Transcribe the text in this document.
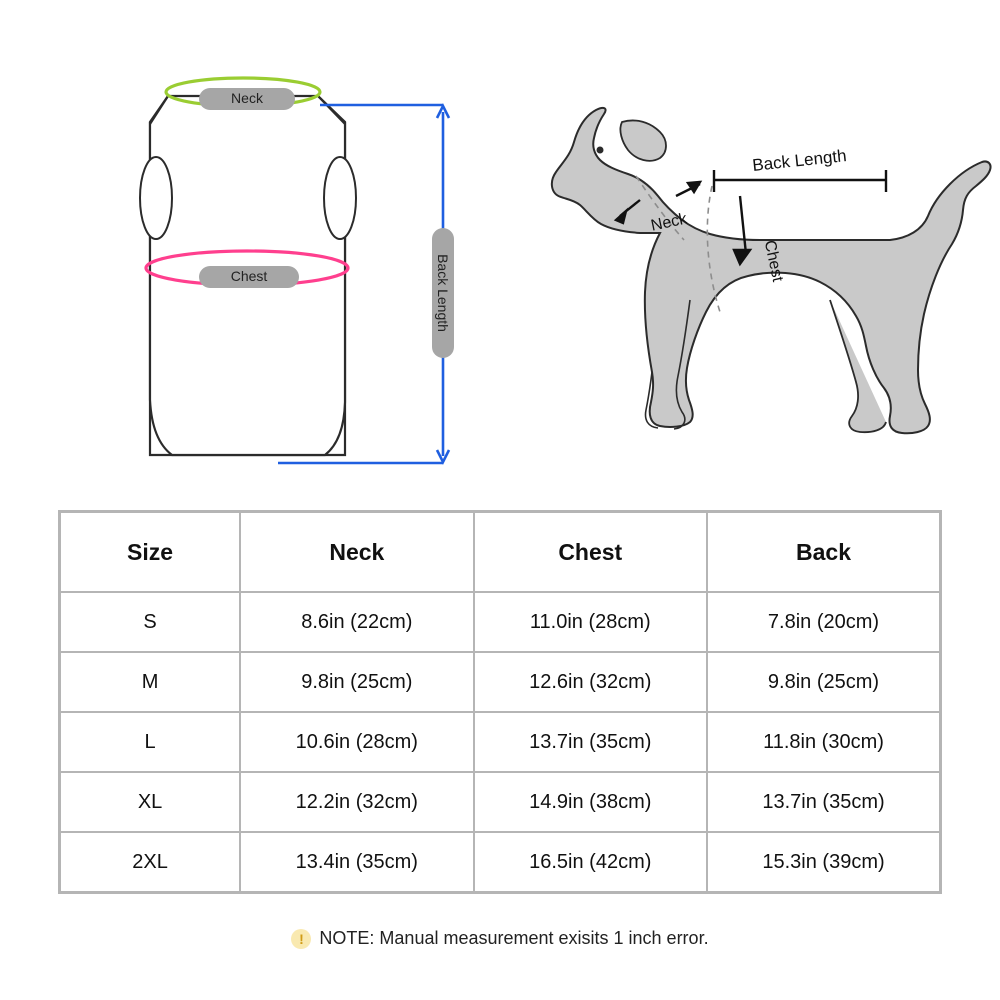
Neck
Chest	Back Length
Neck
Chest
Back Length
Size	Neck	Chest	Back
S	8.6in (22cm)	11.0in (28cm)	7.8in (20cm)
M	9.8in (25cm)	12.6in (32cm)	9.8in (25cm)
L	10.6in (28cm)	13.7in (35cm)	11.8in (30cm)
XL	12.2in (32cm)	14.9in (38cm)	13.7in (35cm)
2XL	13.4in (35cm)	16.5in (42cm)	15.3in (39cm)
! NOTE: Manual measurement exisits 1 inch error.
